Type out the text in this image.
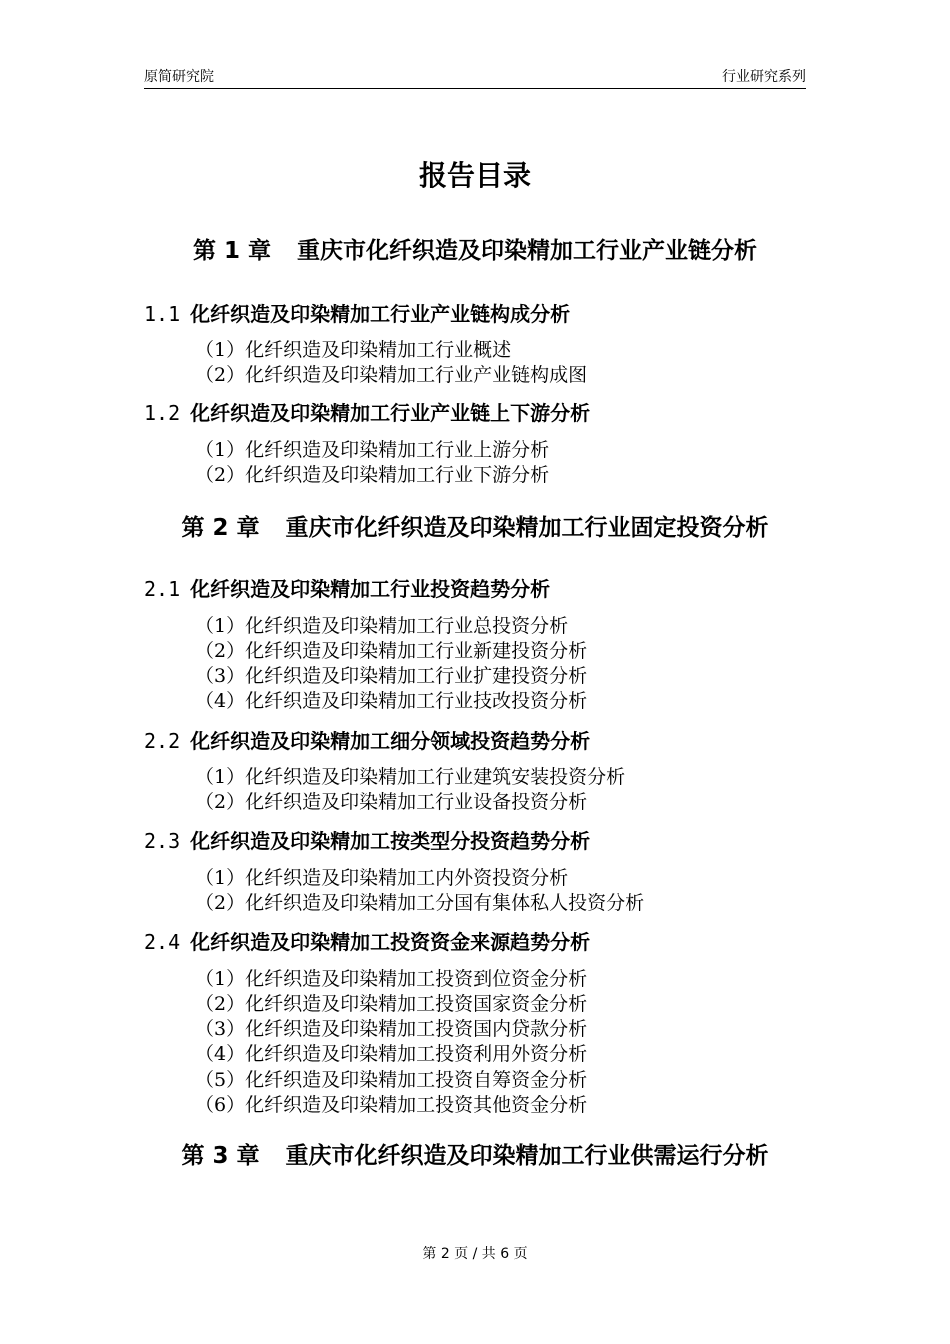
原简研究院	行业研究系列
报告目录
第 1 章 重庆市化纤织造及印染精加工行业产业链分析
1.1 化纤织造及印染精加工行业产业链构成分析
（1）化纤织造及印染精加工行业概述
（2）化纤织造及印染精加工行业产业链构成图
1.2 化纤织造及印染精加工行业产业链上下游分析
（1）化纤织造及印染精加工行业上游分析
（2）化纤织造及印染精加工行业下游分析
第 2 章 重庆市化纤织造及印染精加工行业固定投资分析
2.1 化纤织造及印染精加工行业投资趋势分析
（1）化纤织造及印染精加工行业总投资分析
（2）化纤织造及印染精加工行业新建投资分析
（3）化纤织造及印染精加工行业扩建投资分析
（4）化纤织造及印染精加工行业技改投资分析
2.2 化纤织造及印染精加工细分领域投资趋势分析
（1）化纤织造及印染精加工行业建筑安装投资分析
（2）化纤织造及印染精加工行业设备投资分析
2.3 化纤织造及印染精加工按类型分投资趋势分析
（1）化纤织造及印染精加工内外资投资分析
（2）化纤织造及印染精加工分国有集体私人投资分析
2.4 化纤织造及印染精加工投资资金来源趋势分析
（1）化纤织造及印染精加工投资到位资金分析
（2）化纤织造及印染精加工投资国家资金分析
（3）化纤织造及印染精加工投资国内贷款分析
（4）化纤织造及印染精加工投资利用外资分析
（5）化纤织造及印染精加工投资自筹资金分析
（6）化纤织造及印染精加工投资其他资金分析
第 3 章 重庆市化纤织造及印染精加工行业供需运行分析
第 2 页 / 共 6 页
